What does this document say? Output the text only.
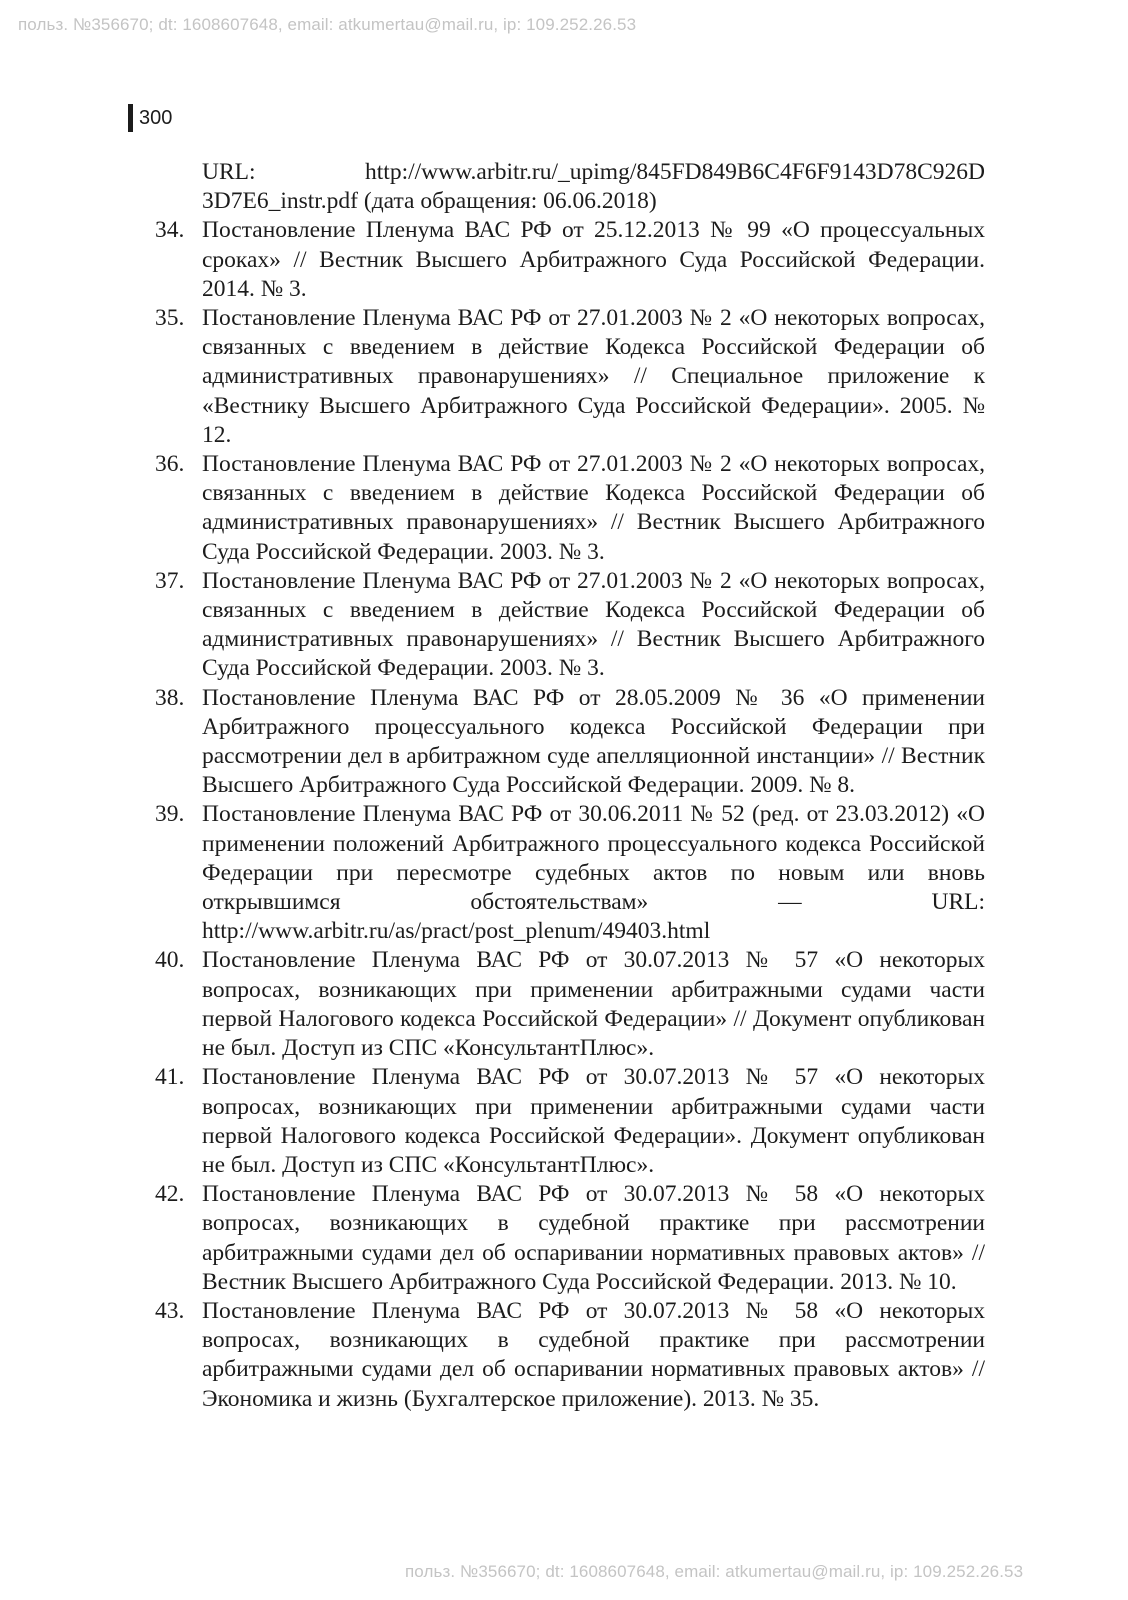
польз. №356670; dt: 1608607648, email: atkumertau@mail.ru, ip: 109.252.26.53
300
URL: http://www.arbitr.ru/_upimg/845FD849B6C4F6F9143D78C926D 3D7E6_instr.pdf (дата обращения: 06.06.2018)
34. Постановление Пленума ВАС РФ от 25.12.2013 № 99 «О процессуальных сроках» // Вестник Высшего Арбитражного Суда Российской Федерации. 2014. № 3.
35. Постановление Пленума ВАС РФ от 27.01.2003 № 2 «О некоторых вопросах, связанных с введением в действие Кодекса Российской Федерации об административных правонарушениях» // Специальное приложение к «Вестнику Высшего Арбитражного Суда Российской Федерации». 2005. № 12.
36. Постановление Пленума ВАС РФ от 27.01.2003 № 2 «О некоторых вопросах, связанных с введением в действие Кодекса Российской Федерации об административных правонарушениях» // Вестник Высшего Арбитражного Суда Российской Федерации. 2003. № 3.
37. Постановление Пленума ВАС РФ от 27.01.2003 № 2 «О некоторых вопросах, связанных с введением в действие Кодекса Российской Федерации об административных правонарушениях» // Вестник Высшего Арбитражного Суда Российской Федерации. 2003. № 3.
38. Постановление Пленума ВАС РФ от 28.05.2009 № 36 «О применении Арбитражного процессуального кодекса Российской Федерации при рассмотрении дел в арбитражном суде апелляционной инстанции» // Вестник Высшего Арбитражного Суда Российской Федерации. 2009. № 8.
39. Постановление Пленума ВАС РФ от 30.06.2011 № 52 (ред. от 23.03.2012) «О применении положений Арбитражного процессуального кодекса Российской Федерации при пересмотре судебных актов по новым или вновь открывшимся обстоятельствам» — URL: http://www.arbitr.ru/as/pract/post_plenum/49403.html
40. Постановление Пленума ВАС РФ от 30.07.2013 № 57 «О некоторых вопросах, возникающих при применении арбитражными судами части первой Налогового кодекса Российской Федерации» // Документ опубликован не был. Доступ из СПС «КонсультантПлюс».
41. Постановление Пленума ВАС РФ от 30.07.2013 № 57 «О некоторых вопросах, возникающих при применении арбитражными судами части первой Налогового кодекса Российской Федерации». Документ опубликован не был. Доступ из СПС «КонсультантПлюс».
42. Постановление Пленума ВАС РФ от 30.07.2013 № 58 «О некоторых вопросах, возникающих в судебной практике при рассмотрении арбитражными судами дел об оспаривании нормативных правовых актов» // Вестник Высшего Арбитражного Суда Российской Федерации. 2013. № 10.
43. Постановление Пленума ВАС РФ от 30.07.2013 № 58 «О некоторых вопросах, возникающих в судебной практике при рассмотрении арбитражными судами дел об оспаривании нормативных правовых актов» // Экономика и жизнь (Бухгалтерское приложение). 2013. № 35.
польз. №356670; dt: 1608607648, email: atkumertau@mail.ru, ip: 109.252.26.53
